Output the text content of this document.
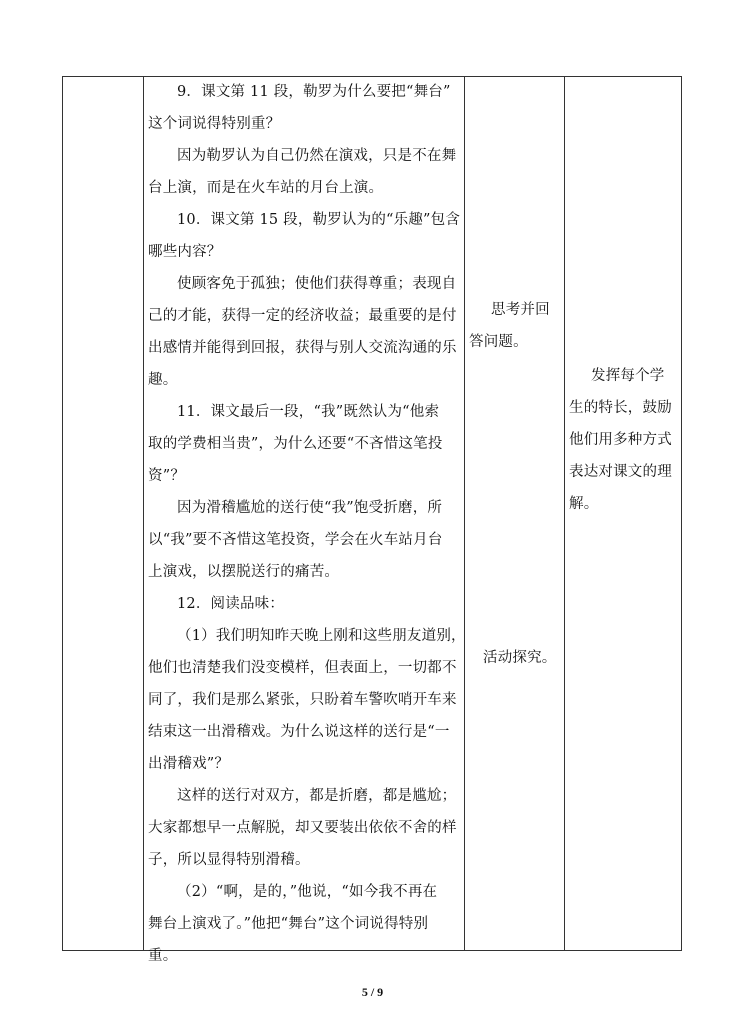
9．课文第 11 段，勒罗为什么要把“舞台”
这个词说得特别重？
因为勒罗认为自己仍然在演戏，只是不在舞
台上演，而是在火车站的月台上演。
10．课文第 15 段，勒罗认为的“乐趣”包含
哪些内容？
使顾客免于孤独；使他们获得尊重；表现自
己的才能，获得一定的经济收益；最重要的是付
出感情并能得到回报，获得与别人交流沟通的乐
趣。
11．课文最后一段，“我”既然认为“他索
取的学费相当贵”，为什么还要“不吝惜这笔投
资”？
因为滑稽尴尬的送行使“我”饱受折磨，所
以“我”要不吝惜这笔投资，学会在火车站月台
上演戏，以摆脱送行的痛苦。
12．阅读品味：
（1）我们明知昨天晚上刚和这些朋友道别，
他们也清楚我们没变模样，但表面上，一切都不
同了，我们是那么紧张，只盼着车警吹哨开车来
结束这一出滑稽戏。为什么说这样的送行是“一
出滑稽戏”？
这样的送行对双方，都是折磨，都是尴尬；
大家都想早一点解脱，却又要装出依依不舍的样
子，所以显得特别滑稽。
（2）“啊，是的，”他说，“如今我不再在
舞台上演戏了。”他把“舞台”这个词说得特别
重。
思考并回
答问题。
活动探究。
发挥每个学
生的特长，鼓励
他们用多种方式
表达对课文的理
解。
5 / 9
